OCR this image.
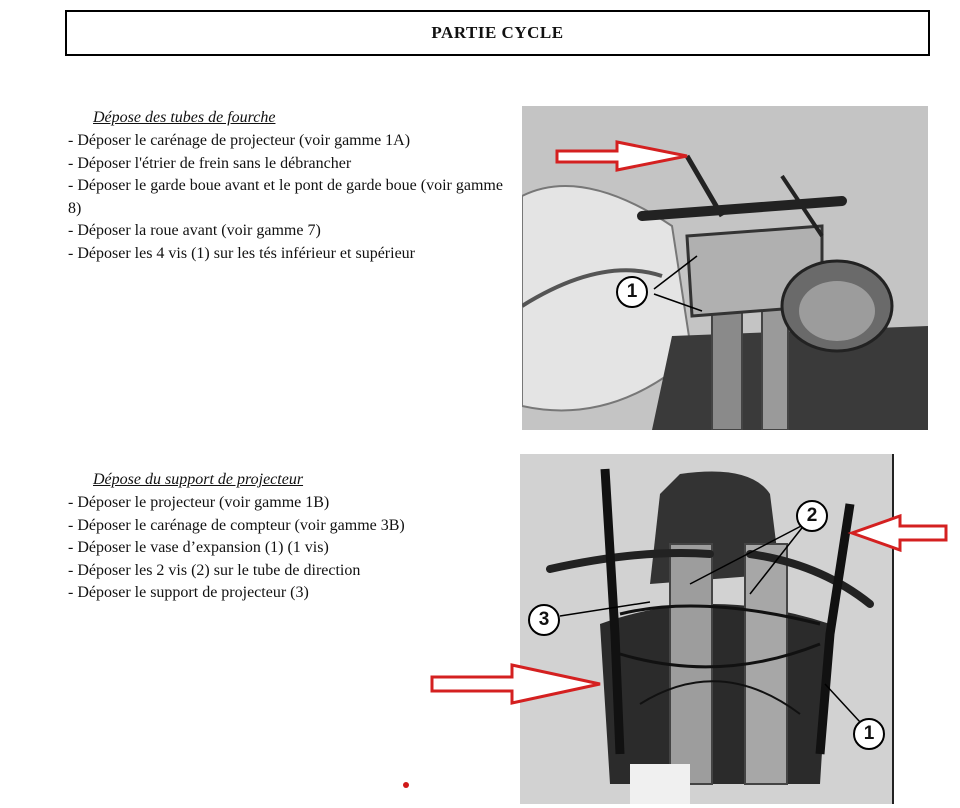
PARTIE CYCLE
Dépose des tubes de fourche
- Déposer le carénage de projecteur (voir gamme 1A)
- Déposer l'étrier de frein sans le débrancher
- Déposer le garde boue avant et le pont de garde boue (voir gamme 8)
- Déposer la roue avant (voir gamme 7)
- Déposer les 4 vis (1) sur les tés inférieur et supérieur
1
Dépose du support de projecteur
- Déposer le projecteur (voir gamme 1B)
- Déposer le carénage de compteur (voir gamme 3B)
- Déposer le vase d’expansion (1) (1 vis)
- Déposer les 2 vis (2) sur le tube de direction
- Déposer le support de projecteur (3)
2
3
1
